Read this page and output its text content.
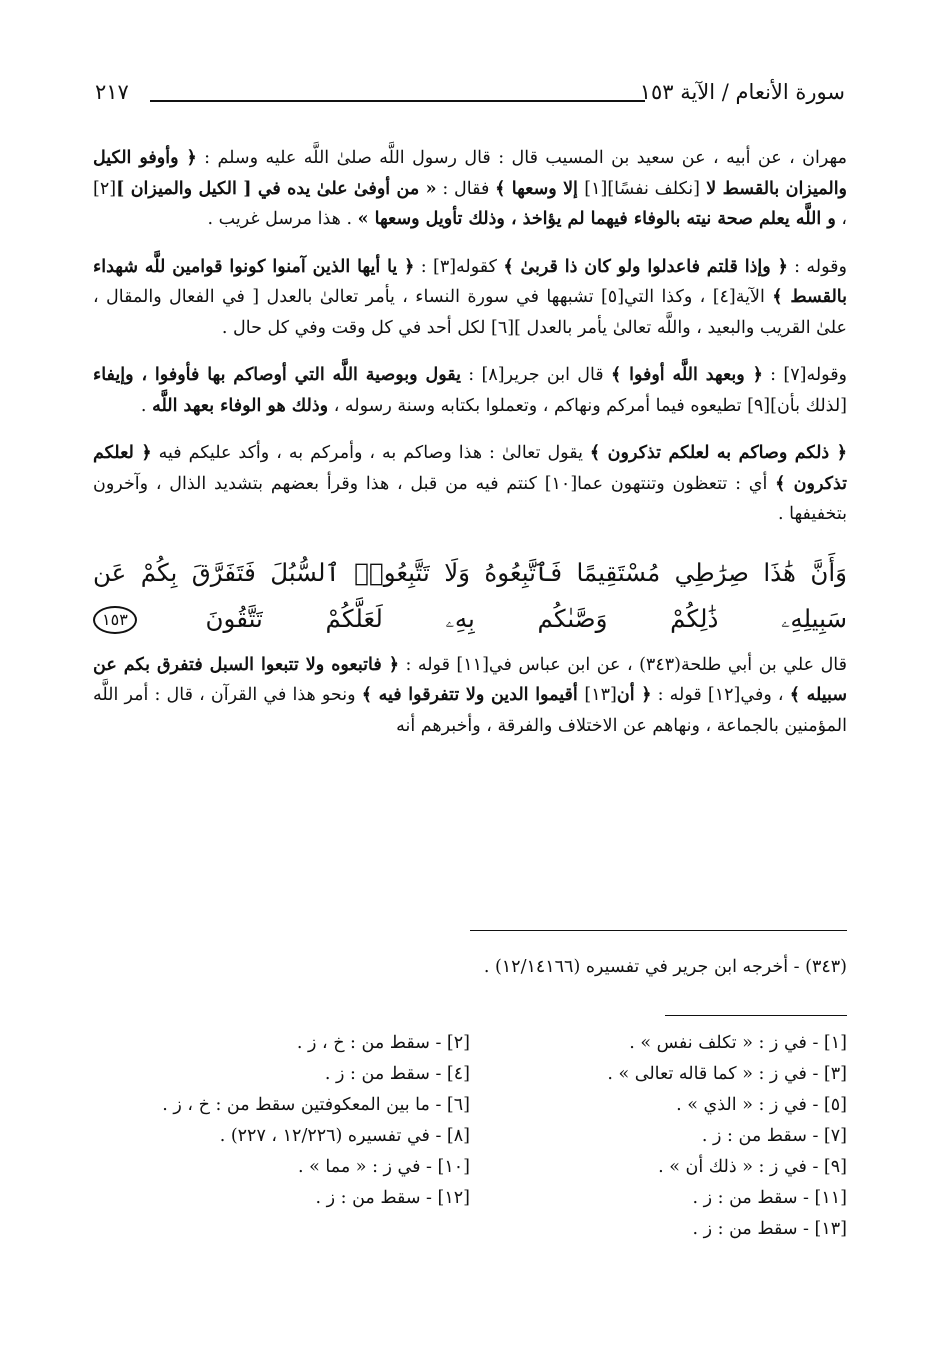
سورة الأنعام / الآية ١٥٣
٢١٧

مهران ، عن أبيه ، عن سعيد بن المسيب قال : قال رسول اللَّه صلىٰ اللَّه عليه وسلم : ﴿ وأوفو الكيل والميزان بالقسط لا [نكلف نفسًا][١] إلا وسعها ﴾ فقال : « من أوفىٰ علىٰ يده في [ الكيل والميزان ][٢] ، و اللَّه يعلم صحة نيته بالوفاء فيهما لم يؤاخذ ، وذلك تأويل وسعها » . هذا مرسل غريب .

وقوله : ﴿ وإذا قلتم فاعدلوا ولو كان ذا قربىٰ ﴾ كقوله[٣] : ﴿ يا أيها الذين آمنوا كونوا قوامين للَّه شهداء بالقسط ﴾ الآية[٤] ، وكذا التي[٥] تشبهها في سورة النساء ، يأمر تعالىٰ بالعدل [ في الفعال والمقال ، علىٰ القريب والبعيد ، واللَّه تعالىٰ يأمر بالعدل ][٦] لكل أحد في كل وقت وفي كل حال .

وقوله[٧] : ﴿ وبعهد اللَّه أوفوا ﴾ قال ابن جرير[٨] : يقول وبوصية اللَّه التي أوصاكم بها فأوفوا ، وإيفاء [لذلك بأن][٩] تطيعوه فيما أمركم ونهاكم ، وتعملوا بكتابه وسنة رسوله ، وذلك هو الوفاء بعهد اللَّه .

﴿ ذلكم وصاكم به لعلكم تذكرون ﴾ يقول تعالىٰ : هذا وصاكم به ، وأمركم به ، وأكد عليكم فيه ﴿ لعلكم تذكرون ﴾ أي : تتعظون وتنتهون عما[١٠] كنتم فيه من قبل ، هذا وقرأ بعضهم بتشديد الذال ، وآخرون بتخفيفها .

وَأَنَّ هَٰذَا صِرَٰطِي مُسْتَقِيمًا فَٱتَّبِعُوهُ وَلَا تَتَّبِعُوا۟ ٱلسُّبُلَ فَتَفَرَّقَ بِكُمْ عَن
سَبِيلِهِۦ ذَٰلِكُمْ وَصَّىٰكُم بِهِۦ لَعَلَّكُمْ تَتَّقُونَ ١٥٣

قال علي بن أبي طلحة(٣٤٣) ، عن ابن عباس في[١١] قوله : ﴿ فاتبعوه ولا تتبعوا السبل فتفرق بكم عن سبيله ﴾ ، وفي[١٢] قوله : ﴿ أن[١٣] أقيموا الدين ولا تتفرقوا فيه ﴾ ونحو هذا في القرآن ، قال : أمر اللَّه المؤمنين بالجماعة ، ونهاهم عن الاختلاف والفرقة ، وأخبرهم أنه

(٣٤٣) - أخرجه ابن جرير في تفسيره (١٢/١٤١٦٦) .
[١] - في ز : « تكلف نفس » .
[٣] - في ز : « كما قاله تعالى » .
[٥] - في ز : « الذي » .
[٧] - سقط من : ز .
[٩] - في ز : « ذلك أن » .
[١١] - سقط من : ز .
[١٣] - سقط من : ز .
[٢] - سقط من : خ ، ز .
[٤] - سقط من : ز .
[٦] - ما بين المعكوفتين سقط من : خ ، ز .
[٨] - في تفسيره (١٢/٢٢٦ ، ٢٢٧) .
[١٠] - في ز : « مما » .
[١٢] - سقط من : ز .
